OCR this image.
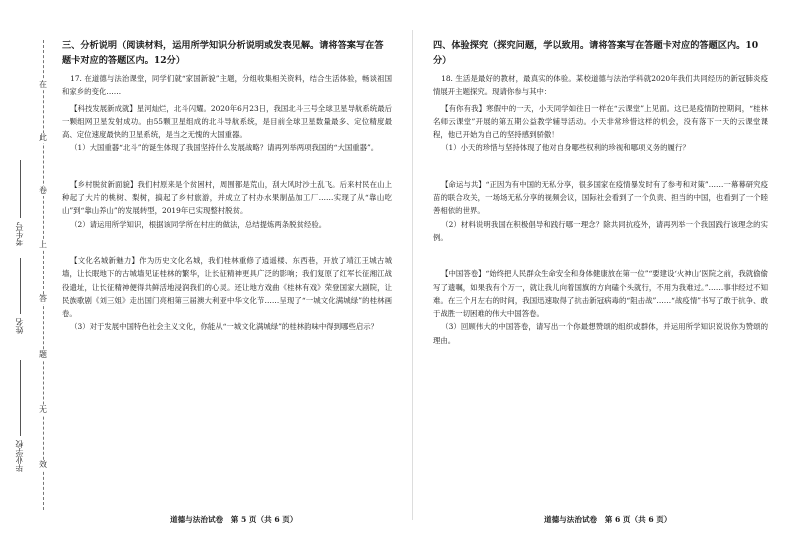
在
此
卷
上
答
题
无
效
考生号
姓名
毕业学校

三、分析说明（阅读材料，运用所学知识分析说明或发表见解。请将答案写在答题卡对应的答题区内。12分）

17. 在道德与法治课堂，同学们就“家国新貌”主题，分组收集相关资料，结合生活体验，畅谈祖国和家乡的变化……

【科技发展新成就】星河灿烂，北斗闪耀。2020年6月23日，我国北斗三号全球卫星导航系统最后一颗组网卫星发射成功。由55颗卫星组成的北斗导航系统，是目前全球卫星数量最多、定位精度最高、定位速度最快的卫星系统，是当之无愧的大国重器。

（1）大国重器“北斗”的诞生体现了我国坚持什么发展战略？请再列举两项我国的“大国重器”。

【乡村脱贫新面貌】我们村原来是个贫困村，周围都是荒山，刮大风时沙土乱飞。后来村民在山上种起了大片的桃树、梨树，搞起了乡村旅游，并成立了村办水果制品加工厂……实现了从“靠山吃山”到“靠山养山”的发展转型，2019年已实现整村脱贫。

（2）请运用所学知识，根据该同学所在村庄的做法，总结提炼两条脱贫经验。

【文化名城新魅力】作为历史文化名城，我们桂林重修了逍遥楼、东西巷，开放了靖江王城古城墙，让长眠地下的古城墙见证桂林的繁华，让长征精神更具广泛的影响；我们复原了红军长征湘江战役遗址，让长征精神便得共鲜活地浸润我们的心灵。还让地方戏曲《桂林有戏》荣登国家大剧院，让民族歌剧《刘三姐》走出国门亮相第三届澳大利亚中华文化节……呈现了“一城文化满城绿”的桂林画卷。

（3）对于发展中国特色社会主义文化，你能从“一城文化满城绿”的桂林韵味中得到哪些启示？

道德与法治试卷　第 5 页（共 6 页）

四、体验探究（探究问题，学以致用。请将答案写在答题卡对应的答题区内。10分）

18. 生活是最好的教材，最真实的体验。某校道德与法治学科就2020年我们共同经历的新冠肺炎疫情展开主题探究。现请你参与其中：

【有你有我】寒假中的一天，小天同学如往日一样在“云课堂”上见面。这已是疫情防控期间，“桂林名师云课堂”开展的第五期公益教学辅导活动。小天非常珍惜这样的机会，没有落下一天的云课堂课程，他已开始为自己的坚持感到骄傲！

（1）小天的珍惜与坚持体现了他对自身哪些权利的珍视和哪项义务的履行？

【命运与共】“正因为有中国的无私分享，很多国家在疫情暴发时有了参考和对策”……一幕幕研究疫苗的联合攻关，一场场无私分享的视频会议，国际社会看到了一个负责、担当的中国，也看到了一个睦善相依的世界。

（2）材料说明我国在积极倡导和践行哪一理念？除共同抗疫外，请再列举一个我国践行该理念的实例。

【中国答卷】“始终把人民群众生命安全和身体健康放在第一位”“要建设‘火神山’医院之前，我就偷偷写了遗嘱，如果我有个万一，就让我儿向着国旗的方向磕个头就行，不用为我难过。”……事非经过不知难。在三个月左右的时间，我国迅速取得了抗击新冠病毒的“阻击战”……“战疫情”书写了敢于抗争、敢于战胜一切困难的伟大中国答卷。

（3）回顾伟大的中国答卷，请写出一个你最想赞颂的组织或群体，并运用所学知识说说你为赞颂的理由。

道德与法治试卷　第 6 页（共 6 页）
